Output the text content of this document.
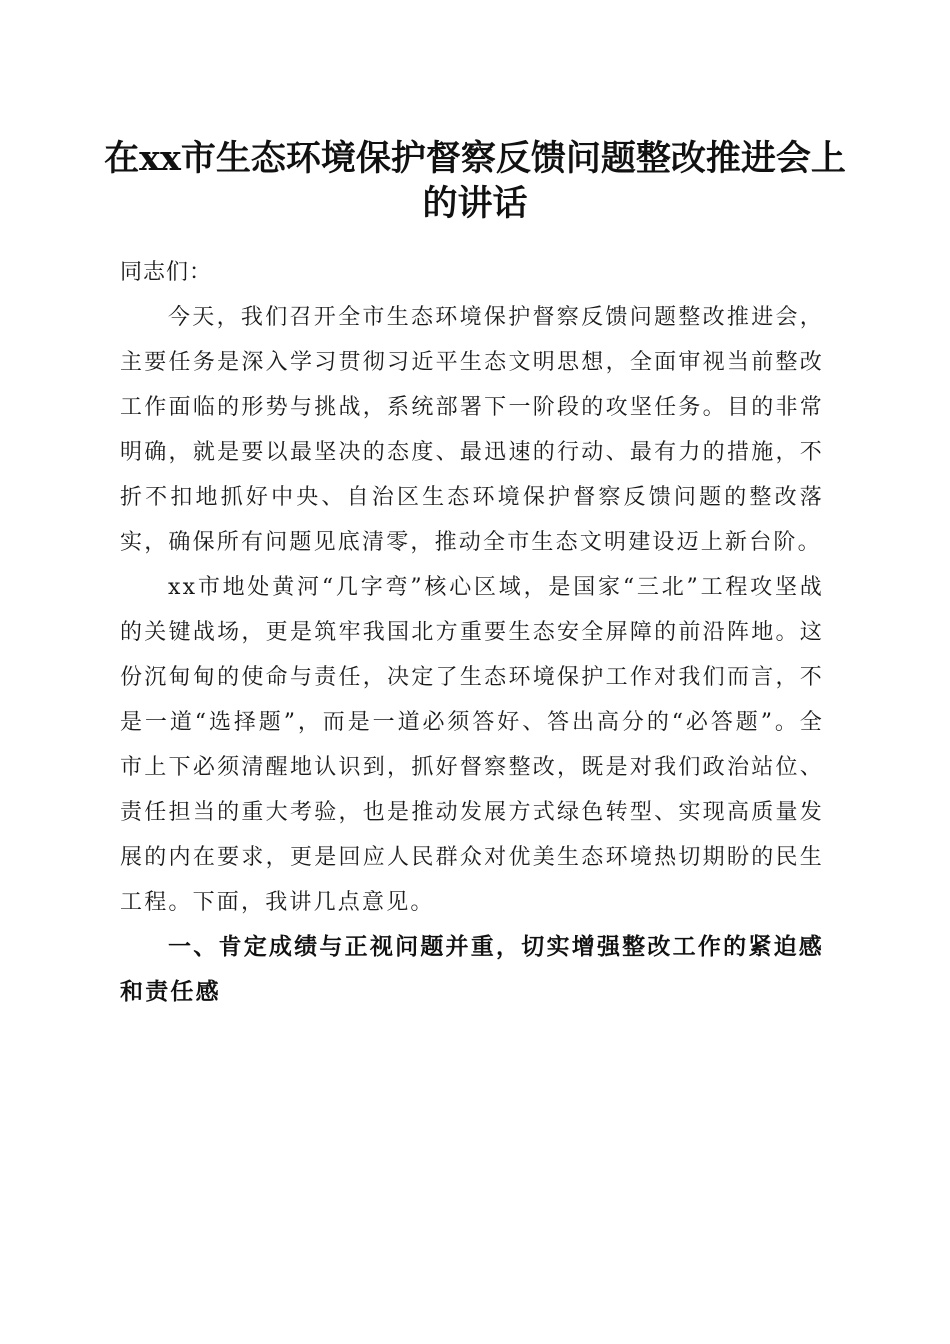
在xx市生态环境保护督察反馈问题整改推进会上的讲话

同志们：

今天，我们召开全市生态环境保护督察反馈问题整改推进会，主要任务是深入学习贯彻习近平生态文明思想，全面审视当前整改工作面临的形势与挑战，系统部署下一阶段的攻坚任务。目的非常明确，就是要以最坚决的态度、最迅速的行动、最有力的措施，不折不扣地抓好中央、自治区生态环境保护督察反馈问题的整改落实，确保所有问题见底清零，推动全市生态文明建设迈上新台阶。

xx市地处黄河“几字弯”核心区域，是国家“三北”工程攻坚战的关键战场，更是筑牢我国北方重要生态安全屏障的前沿阵地。这份沉甸甸的使命与责任，决定了生态环境保护工作对我们而言，不是一道“选择题”，而是一道必须答好、答出高分的“必答题”。全市上下必须清醒地认识到，抓好督察整改，既是对我们政治站位、责任担当的重大考验，也是推动发展方式绿色转型、实现高质量发展的内在要求，更是回应人民群众对优美生态环境热切期盼的民生工程。下面，我讲几点意见。

一、肯定成绩与正视问题并重，切实增强整改工作的紧迫感和责任感
